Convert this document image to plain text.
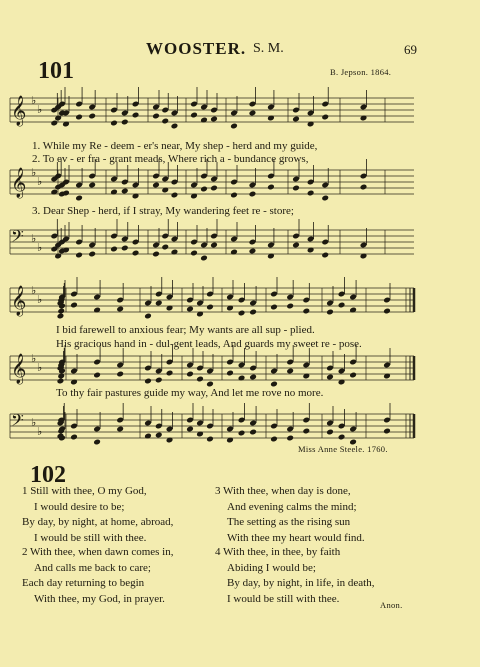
WOOSTER. S. M.	69
101	B. Jepson. 1864.
𝄞 ♭
♭
𝄞 ♭
♭
𝄢 ♭
♭
𝄞 ♭
♭
𝄞 ♭
♭
𝄢 ♭
♭
1. While my Re - deem - er's near, My shep - herd and my guide,
2. To ev - er fra - grant meads, Where rich a - bundance grows,
3. Dear Shep - herd, if I stray, My wandering feet re - store;
I bid farewell to anxious fear; My wants are all sup - plied.
His gracious hand in - dul-gent leads, And guards my sweet re - pose.
To thy fair pastures guide my way, And let me rove no more.
Miss Anne Steele. 1760.
102
1 Still with thee, O my God,
I would desire to be;
By day, by night, at home, abroad,
I would be still with thee.
2 With thee, when dawn comes in,
And calls me back to care;
Each day returning to begin
With thee, my God, in prayer.
3 With thee, when day is done,
And evening calms the mind;
The setting as the rising sun
With thee my heart would find.
4 With thee, in thee, by faith
Abiding I would be;
By day, by night, in life, in death,
I would be still with thee.
Anon.
